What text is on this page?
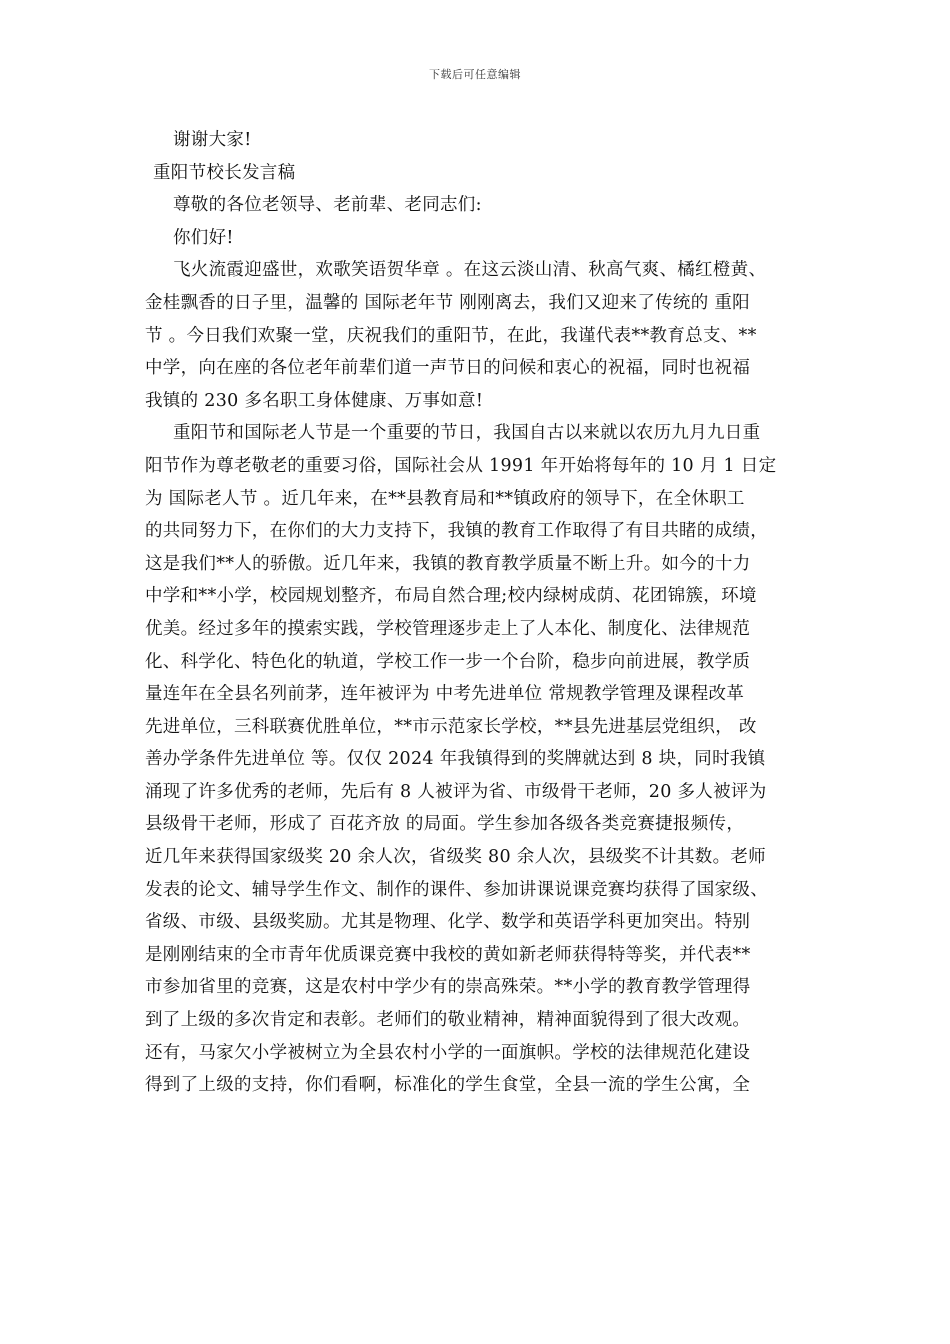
下载后可任意编辑
谢谢大家!
重阳节校长发言稿
尊敬的各位老领导、老前辈、老同志们:
你们好!
飞火流霞迎盛世，欢歌笑语贺华章 。在这云淡山清、秋高气爽、橘红橙黄、
金桂飘香的日子里，温馨的 国际老年节 刚刚离去，我们又迎来了传统的 重阳
节 。今日我们欢聚一堂，庆祝我们的重阳节，在此，我谨代表**教育总支、**
中学，向在座的各位老年前辈们道一声节日的问候和衷心的祝福，同时也祝福
我镇的 230 多名职工身体健康、万事如意!
重阳节和国际老人节是一个重要的节日，我国自古以来就以农历九月九日重
阳节作为尊老敬老的重要习俗，国际社会从 1991 年开始将每年的 10 月 1 日定
为 国际老人节 。近几年来，在**县教育局和**镇政府的领导下，在全休职工
的共同努力下，在你们的大力支持下，我镇的教育工作取得了有目共睹的成绩，
这是我们**人的骄傲。近几年来，我镇的教育教学质量不断上升。如今的十力
中学和**小学，校园规划整齐，布局自然合理;校内绿树成荫、花团锦簇，环境
优美。经过多年的摸索实践，学校管理逐步走上了人本化、制度化、法律规范
化、科学化、特色化的轨道，学校工作一步一个台阶，稳步向前进展，教学质
量连年在全县名列前茅，连年被评为 中考先进单位 常规教学管理及课程改革
先进单位，三科联赛优胜单位，**市示范家长学校，**县先进基层党组织， 改
善办学条件先进单位 等。仅仅 2024 年我镇得到的奖牌就达到 8 块，同时我镇
涌现了许多优秀的老师，先后有 8 人被评为省、市级骨干老师，20 多人被评为
县级骨干老师，形成了 百花齐放 的局面。学生参加各级各类竞赛捷报频传，
近几年来获得国家级奖 20 余人次，省级奖 80 余人次，县级奖不计其数。老师
发表的论文、辅导学生作文、制作的课件、参加讲课说课竞赛均获得了国家级、
省级、市级、县级奖励。尤其是物理、化学、数学和英语学科更加突出。特别
是刚刚结束的全市青年优质课竞赛中我校的黄如新老师获得特等奖，并代表**
市参加省里的竞赛，这是农村中学少有的崇高殊荣。**小学的教育教学管理得
到了上级的多次肯定和表彰。老师们的敬业精神，精神面貌得到了很大改观。
还有，马家欠小学被树立为全县农村小学的一面旗帜。学校的法律规范化建设
得到了上级的支持，你们看啊，标准化的学生食堂，全县一流的学生公寓，全
